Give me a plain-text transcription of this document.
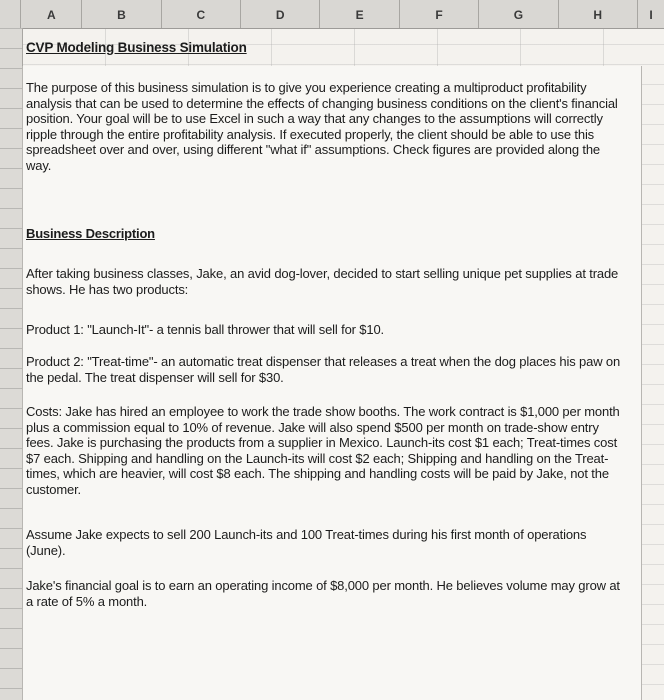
A	B	C	D	E	F	G	H	I
CVP Modeling Business Simulation

The purpose of this business simulation is to give you experience creating a multiproduct profitability analysis that can be used to determine the effects of changing business conditions on the client's financial position. Your goal will be to use Excel in such a way that any changes to the assumptions will correctly ripple through the entire profitability analysis. If executed properly, the client should be able to use this spreadsheet over and over, using different "what if" assumptions. Check figures are provided along the way.

Business Description

After taking business classes, Jake, an avid dog-lover, decided to start selling unique pet supplies at trade shows. He has two products:

Product 1: "Launch-It"- a tennis ball thrower that will sell for $10.

Product 2: "Treat-time"- an automatic treat dispenser that releases a treat when the dog places his paw on the pedal. The treat dispenser will sell for $30.

Costs: Jake has hired an employee to work the trade show booths. The work contract is $1,000 per month plus a commission equal to 10% of revenue. Jake will also spend $500 per month on trade-show entry fees. Jake is purchasing the products from a supplier in Mexico. Launch-its cost $1 each; Treat-times cost $7 each. Shipping and handling on the Launch-its will cost $2 each; Shipping and handling on the Treat-times, which are heavier, will cost $8 each. The shipping and handling costs will be paid by Jake, not the customer.

Assume Jake expects to sell 200 Launch-its and 100 Treat-times during his first month of operations (June).

Jake's financial goal is to earn an operating income of $8,000 per month. He believes volume may grow at a rate of 5% a month.
